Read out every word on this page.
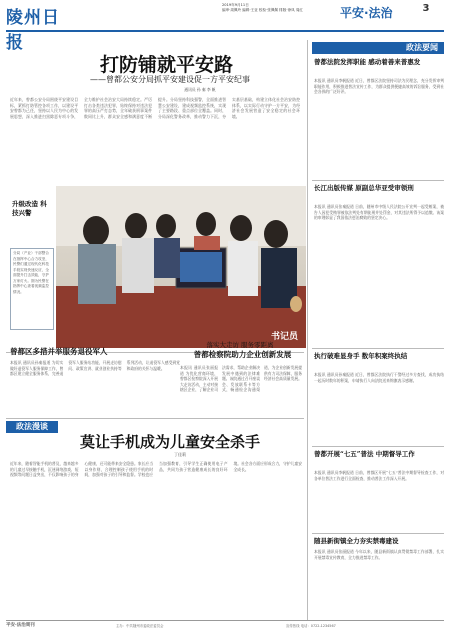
陵州日报
2019年9月11日
编审·周佩玲 编辑·王亚 校检·张佩佩 排版·徐凤 周红	平安·法治	3
打防铺就平安路
——曾都公安分局抓平安建设促一方平安纪事
通讯员 孙 秦 李 帆
近年来，曾都公安分局围绕平安建设目标，紧抓打防管控各项工作，以建设平安曾都为己任，坚持以人民为中心的发展思想，深入推进扫黑除恶专项斗争，全力维护社会治安大局持续稳定。严厉打击各类违法犯罪，始终保持对违法犯罪的高压严打态势，全年破获刑事案件数同比上升，群众安全感和满意度不断提升。分局坚持科技强警，全面推进智慧公安建设，建成视频监控系统，实现了主要路段、重点部位全覆盖。同时，分局深化警务改革，推动警力下沉，夯实基层基础，构建立体化社会治安防控体系，以实际行动守护一方平安，为经济社会发展营造了安全稳定的社会环境。
升级改造 科技兴警
分局（产业）干部整合在指挥中心合力攻坚，民警们通过现代化科技手段实现快速反应，全面提升打击效能，守护万家灯火。图为民警在指挥中心查看视频监控情况。
书记员
曾都区多措并举服务退役军人
本报讯 通讯员孙秦报道 为切实做好退役军人服务保障工作，曾都区建立健全服务体系，完善退役军人服务站功能，开展走访慰问、政策宣讲、就业创业扶持等系列活动，让退役军人感受到党和政府的关怀与温暖。
落实大走访 服务零距离
曾都检察院助力企业创新发展
本报讯 通讯员张丽报道 为优化营商环境，曾都区检察院深入开展大走访活动，主动对接辖区企业，了解企业司法需求，帮助企业解决发展中遇到的法律难题。该院通过召开座谈会、发放联系卡等方式，畅通检企沟通渠道，为企业创新发展提供有力司法保障，服务经济社会高质量发展。
政法漫谈
莫让手机成为儿童安全杀手
丁佳莉
近年来，随着智能手机的普及，越来越多的儿童过早接触手机，沉迷网络游戏、短视频等问题日益突出，不仅影响孩子的身心健康，还可能带来安全隐患。家长应当以身作则，合理控制孩子使用手机的时间，加强对孩子的引导和监督。学校也应当加强教育，引导学生正确使用电子产品，共同为孩子营造健康成长的良好环境。社会各方面应形成合力，守护儿童安全成长。
政法要闻
曾都法院发挥职能 感动着善来普惠发
本报讯 通讯员李帆报道 近日，曾都区法院坚持司法为民理念，充分发挥审判职能作用，积极推进普法宣传工作，为群众提供便捷高效的诉讼服务，受到社会各界的广泛好评。
长江出版传媒 原副总华亚受审领刑
本报讯 通讯员张秦报道 日前，随州市中级人民法院公开宣判一起受贿案，被告人因犯受贿罪被依法判处有期徒刑并处罚金，对其违法所得予以追缴。该案的审理彰显了我国依法惩治腐败的坚定决心。
执行破难显身手 数年积案终执结
本报讯 通讯员孙秦报道 近日，曾都区法院执行干警经过多方查找，成功执结一起历时数年的积案，申请执行人向法院送来锦旗表示感谢。
曾都开展“七五”普法 中期督导工作
本报讯 通讯员李帆报道 日前，曾都区开展“七五”普法中期督导检查工作，对各单位普法工作进行全面检查，推动普法工作深入开展。
随县新街镇全力夯实禁毒建设
本报讯 通讯员张丽报道 今年以来，随县新街镇认真贯彻禁毒工作部署，扎实开展禁毒宣传教育，全力推进禁毒工作。
平安·法治周刊	主办：中共随州市委政法委员会	宣传热线 电话：0722-1234567
